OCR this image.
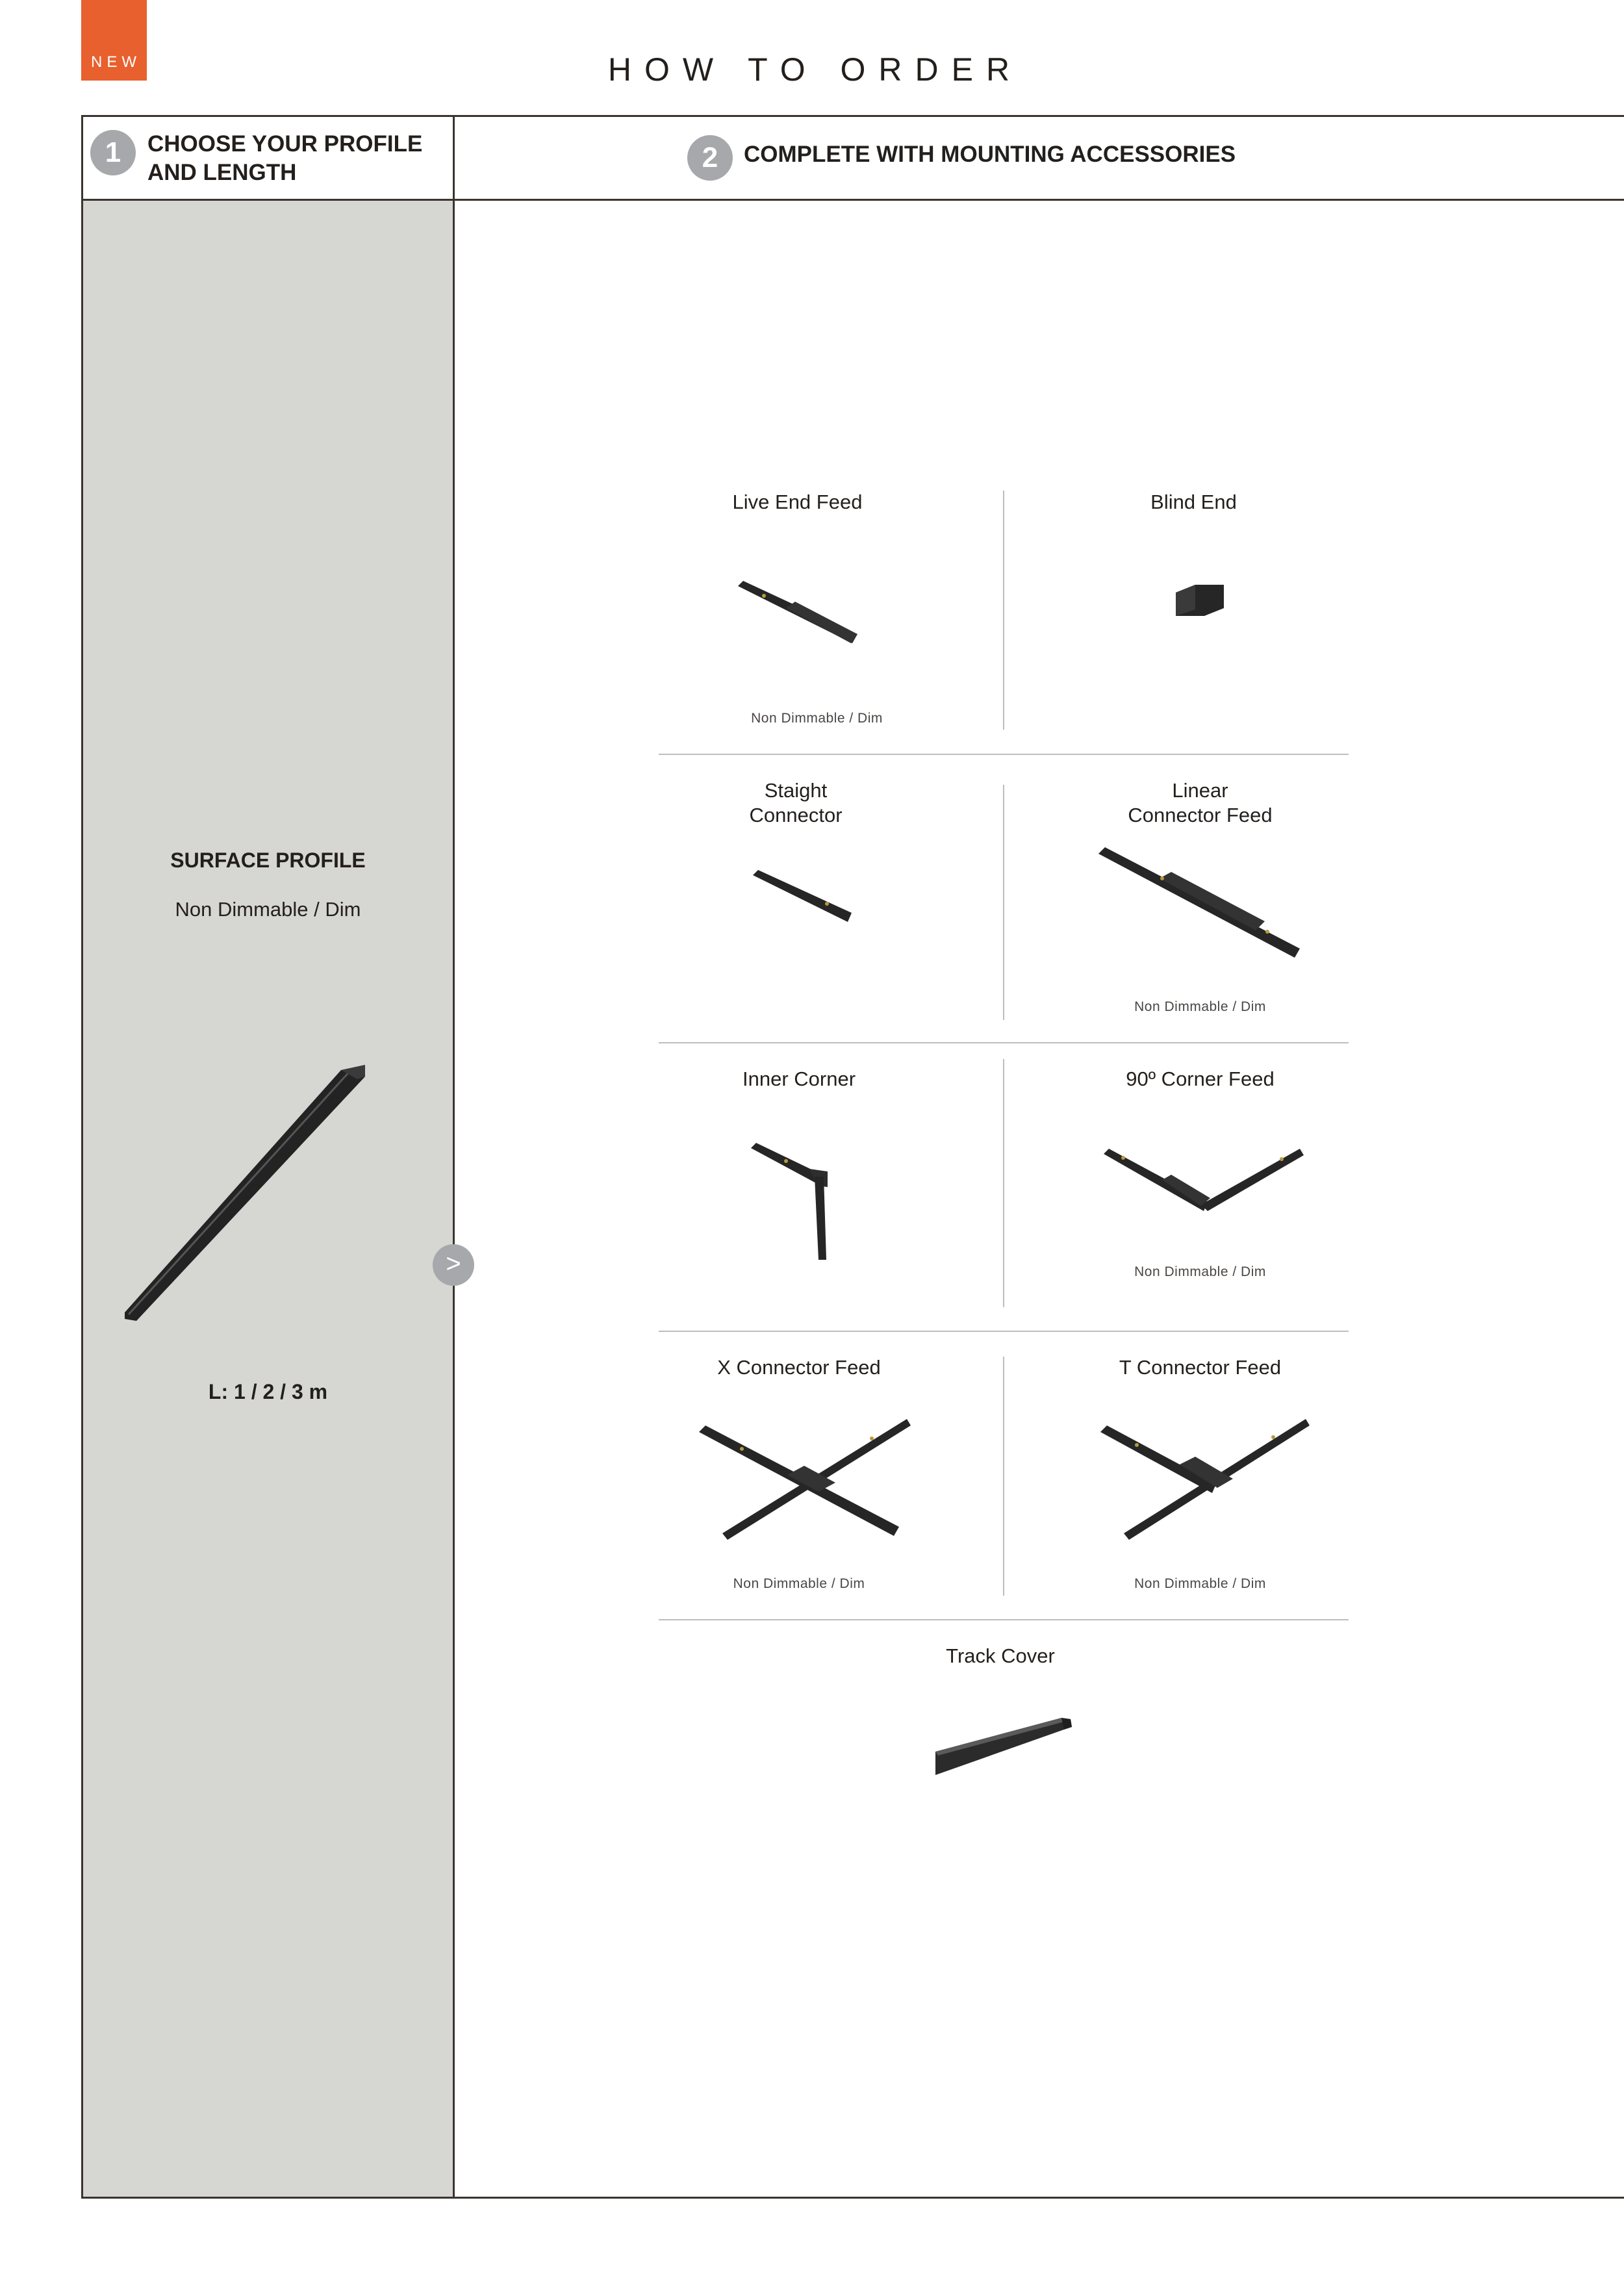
NEW	HOW TO ORDER
1	CHOOSE YOUR PROFILE
AND LENGTH	2	COMPLETE WITH MOUNTING ACCESSORIES
SURFACE PROFILE
Non Dimmable / Dim
>
L: 1 / 2 / 3 m
Live End Feed
Non Dimmable / Dim
Blind End
Staight
Connector
Linear
Connector Feed
Non Dimmable / Dim
Inner Corner	90º Corner Feed
Non Dimmable / Dim
X Connector Feed
Non Dimmable / Dim
T Connector Feed
Non Dimmable / Dim
Track Cover
